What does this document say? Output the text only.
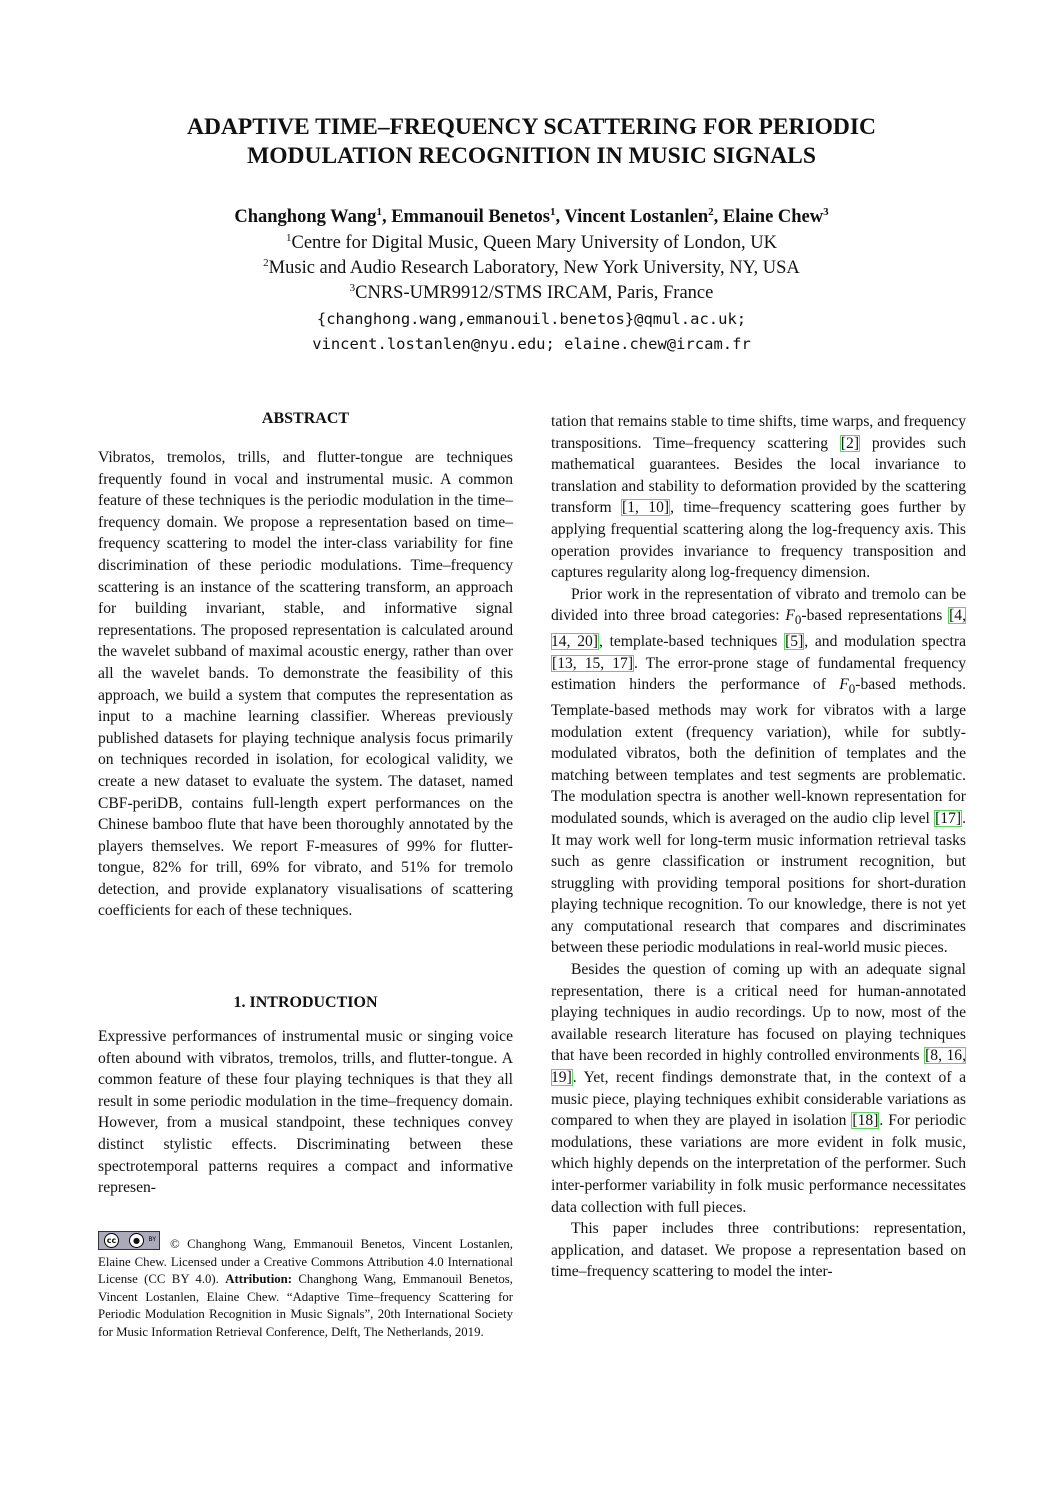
ADAPTIVE TIME–FREQUENCY SCATTERING FOR PERIODIC
MODULATION RECOGNITION IN MUSIC SIGNALS
Changhong Wang$^1$, Emmanouil Benetos$^1$, Vincent Lostanlen$^2$, Elaine Chew$^3$
$^1$Centre for Digital Music, Queen Mary University of London, UK
$^2$Music and Audio Research Laboratory, New York University, NY, USA
$^3$CNRS-UMR9912/STMS IRCAM, Paris, France
{changhong.wang,emmanouil.benetos}@qmul.ac.uk;
vincent.lostanlen@nyu.edu; elaine.chew@ircam.fr
ABSTRACT

Vibratos, tremolos, trills, and flutter-tongue are techniques frequently found in vocal and instrumental music. A common feature of these techniques is the periodic modulation in the time–frequency domain. We propose a representation based on time–frequency scattering to model the inter-class variability for fine discrimination of these periodic modulations. Time–frequency scattering is an instance of the scattering transform, an approach for building invariant, stable, and informative signal representations. The proposed representation is calculated around the wavelet subband of maximal acoustic energy, rather than over all the wavelet bands. To demonstrate the feasibility of this approach, we build a system that computes the representation as input to a machine learning classifier. Whereas previously published datasets for playing technique analysis focus primarily on techniques recorded in isolation, for ecological validity, we create a new dataset to evaluate the system. The dataset, named CBF-periDB, contains full-length expert performances on the Chinese bamboo flute that have been thoroughly annotated by the players themselves. We report F-measures of 99% for flutter-tongue, 82% for trill, 69% for vibrato, and 51% for tremolo detection, and provide explanatory visualisations of scattering coefficients for each of these techniques.

1. INTRODUCTION

Expressive performances of instrumental music or singing voice often abound with vibratos, tremolos, trills, and flutter-tongue. A common feature of these four playing techniques is that they all result in some periodic modulation in the time–frequency domain. However, from a musical standpoint, these techniques convey distinct stylistic effects. Discriminating between these spectrotemporal patterns requires a compact and informative represen-

cc	●	BY © Changhong Wang, Emmanouil Benetos, Vincent Lostanlen, Elaine Chew. Licensed under a Creative Commons Attribution 4.0 International License (CC BY 4.0). Attribution: Changhong Wang, Emmanouil Benetos, Vincent Lostanlen, Elaine Chew. “Adaptive Time–frequency Scattering for Periodic Modulation Recognition in Music Signals”, 20th International Society for Music Information Retrieval Conference, Delft, The Netherlands, 2019.

tation that remains stable to time shifts, time warps, and frequency transpositions. Time–frequency scattering [2] provides such mathematical guarantees. Besides the local invariance to translation and stability to deformation provided by the scattering transform [1, 10], time–frequency scattering goes further by applying frequential scattering along the log-frequency axis. This operation provides invariance to frequency transposition and captures regularity along log-frequency dimension.

Prior work in the representation of vibrato and tremolo can be divided into three broad categories: $F_0$-based representations [4, 14, 20], template-based techniques [5], and modulation spectra [13, 15, 17]. The error-prone stage of fundamental frequency estimation hinders the performance of $F_0$-based methods. Template-based methods may work for vibratos with a large modulation extent (frequency variation), while for subtly-modulated vibratos, both the definition of templates and the matching between templates and test segments are problematic. The modulation spectra is another well-known representation for modulated sounds, which is averaged on the audio clip level [17]. It may work well for long-term music information retrieval tasks such as genre classification or instrument recognition, but struggling with providing temporal positions for short-duration playing technique recognition. To our knowledge, there is not yet any computational research that compares and discriminates between these periodic modulations in real-world music pieces.

Besides the question of coming up with an adequate signal representation, there is a critical need for human-annotated playing techniques in audio recordings. Up to now, most of the available research literature has focused on playing techniques that have been recorded in highly controlled environments [8, 16, 19]. Yet, recent findings demonstrate that, in the context of a music piece, playing techniques exhibit considerable variations as compared to when they are played in isolation [18]. For periodic modulations, these variations are more evident in folk music, which highly depends on the interpretation of the performer. Such inter-performer variability in folk music performance necessitates data collection with full pieces.

This paper includes three contributions: representation, application, and dataset. We propose a representation based on time–frequency scattering to model the inter-
